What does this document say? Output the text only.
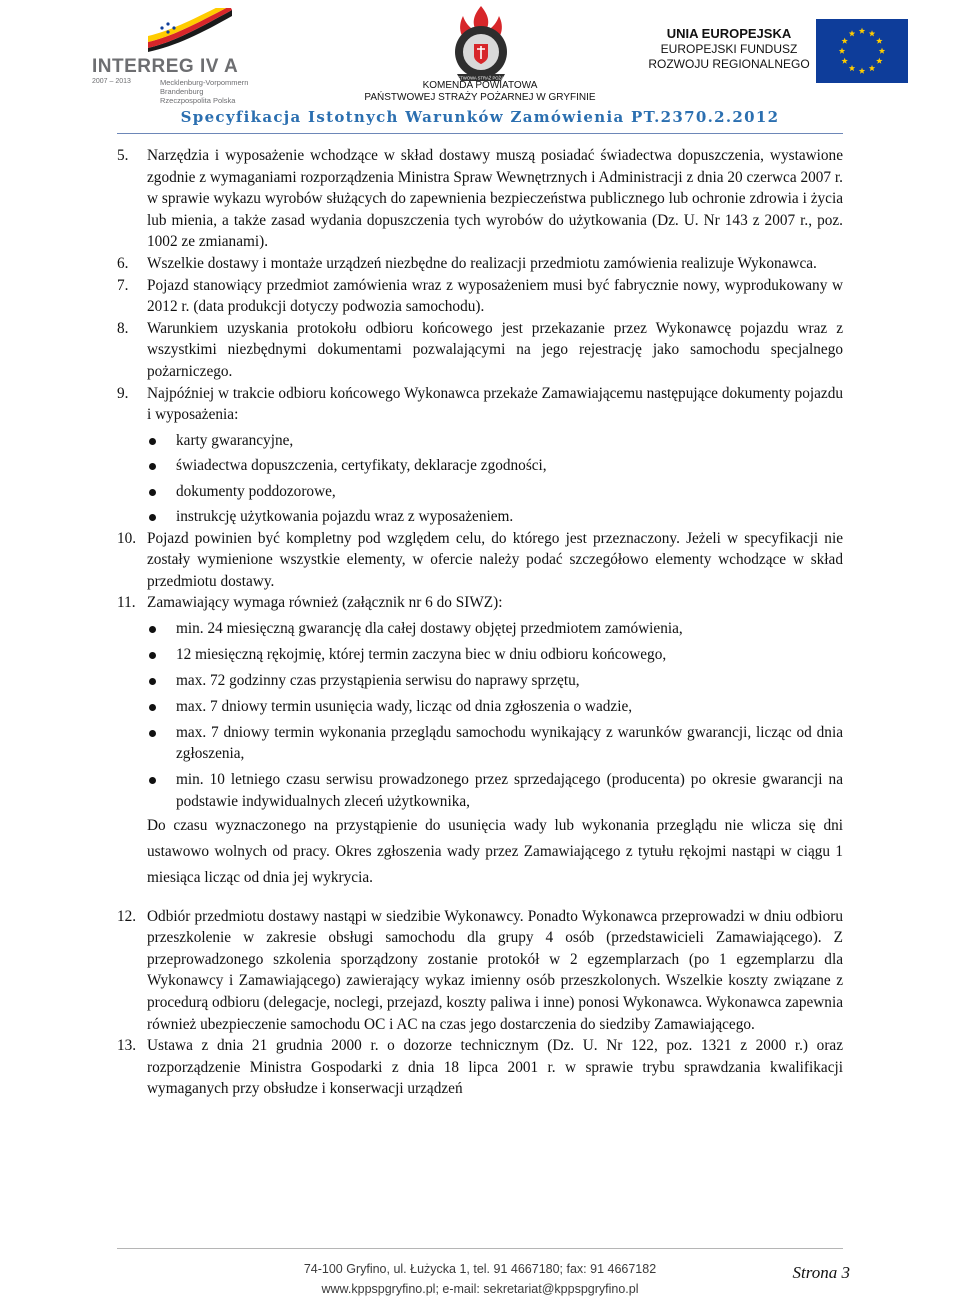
INTERREG IV A
2007 – 2013	Mecklenburg-Vorpommern
Brandenburg
Rzeczpospolita Polska
PAŃSTWOWA STRAŻ POŻARNA
KOMENDA POWIATOWA
PAŃSTWOWEJ STRAŻY POŻARNEJ W GRYFINIE
UNIA EUROPEJSKA
EUROPEJSKI FUNDUSZ
ROZWOJU REGIONALNEGO
Specyfikacja Istotnych Warunków Zamówienia PT.2370.2.2012
5. Narzędzia i wyposażenie wchodzące w skład dostawy muszą posiadać świadectwa dopuszczenia, wystawione zgodnie z wymaganiami rozporządzenia Ministra Spraw Wewnętrznych i Administracji z dnia 20 czerwca 2007 r. w sprawie wykazu wyrobów służących do zapewnienia bezpieczeństwa publicznego lub ochronie zdrowia i życia lub mienia, a także zasad wydania dopuszczenia tych wyrobów do użytkowania (Dz. U. Nr 143 z 2007 r., poz. 1002 ze zmianami).
6. Wszelkie dostawy i montaże urządzeń niezbędne do realizacji przedmiotu zamówienia realizuje Wykonawca.
7. Pojazd stanowiący przedmiot zamówienia wraz z wyposażeniem musi być fabrycznie nowy, wyprodukowany w 2012 r. (data produkcji dotyczy podwozia samochodu).
8. Warunkiem uzyskania protokołu odbioru końcowego jest przekazanie przez Wykonawcę pojazdu wraz z wszystkimi niezbędnymi dokumentami pozwalającymi na jego rejestrację jako samochodu specjalnego pożarniczego.
9. Najpóźniej w trakcie odbioru końcowego Wykonawca przekaże Zamawiającemu następujące dokumenty pojazdu i wyposażenia:
karty gwarancyjne,
świadectwa dopuszczenia, certyfikaty, deklaracje zgodności,
dokumenty poddozorowe,
instrukcję użytkowania pojazdu wraz z wyposażeniem.
10. Pojazd powinien być kompletny pod względem celu, do którego jest przeznaczony. Jeżeli w specyfikacji nie zostały wymienione wszystkie elementy, w ofercie należy podać szczegółowo elementy wchodzące w skład przedmiotu dostawy.
11. Zamawiający wymaga również (załącznik nr 6 do SIWZ):
min. 24 miesięczną gwarancję dla całej dostawy objętej przedmiotem zamówienia,
12 miesięczną rękojmię, której termin zaczyna biec w dniu odbioru końcowego,
max. 72 godzinny czas przystąpienia serwisu do naprawy sprzętu,
max. 7 dniowy termin usunięcia wady, licząc od dnia zgłoszenia o wadzie,
max. 7 dniowy termin wykonania przeglądu samochodu wynikający z warunków gwarancji, licząc od dnia zgłoszenia,
min. 10 letniego czasu serwisu prowadzonego przez sprzedającego (producenta) po okresie gwarancji na podstawie indywidualnych zleceń użytkownika,
Do czasu wyznaczonego na przystąpienie do usunięcia wady lub wykonania przeglądu nie wlicza się dni ustawowo wolnych od pracy. Okres zgłoszenia wady przez Zamawiającego z tytułu rękojmi nastąpi w ciągu 1 miesiąca licząc od dnia jej wykrycia.
12. Odbiór przedmiotu dostawy nastąpi w siedzibie Wykonawcy. Ponadto Wykonawca przeprowadzi w dniu odbioru przeszkolenie w zakresie obsługi samochodu dla grupy 4 osób (przedstawicieli Zamawiającego). Z przeprowadzonego szkolenia sporządzony zostanie protokół w 2 egzemplarzach (po 1 egzemplarzu dla Wykonawcy i Zamawiającego) zawierający wykaz imienny osób przeszkolonych. Wszelkie koszty związane z procedurą odbioru (delegacje, noclegi, przejazd, koszty paliwa i inne) ponosi Wykonawca. Wykonawca zapewnia również ubezpieczenie samochodu OC i AC na czas jego dostarczenia do siedziby Zamawiającego.
13. Ustawa z dnia 21 grudnia 2000 r. o dozorze technicznym (Dz. U. Nr 122, poz. 1321 z 2000 r.) oraz rozporządzenie Ministra Gospodarki z dnia 18 lipca 2001 r. w sprawie trybu sprawdzania kwalifikacji wymaganych przy obsłudze i konserwacji urządzeń
74-100 Gryfino, ul. Łużycka 1, tel. 91 4667180; fax: 91 4667182
www.kppspgryfino.pl; e-mail: sekretariat@kppspgryfino.pl
Strona 3
